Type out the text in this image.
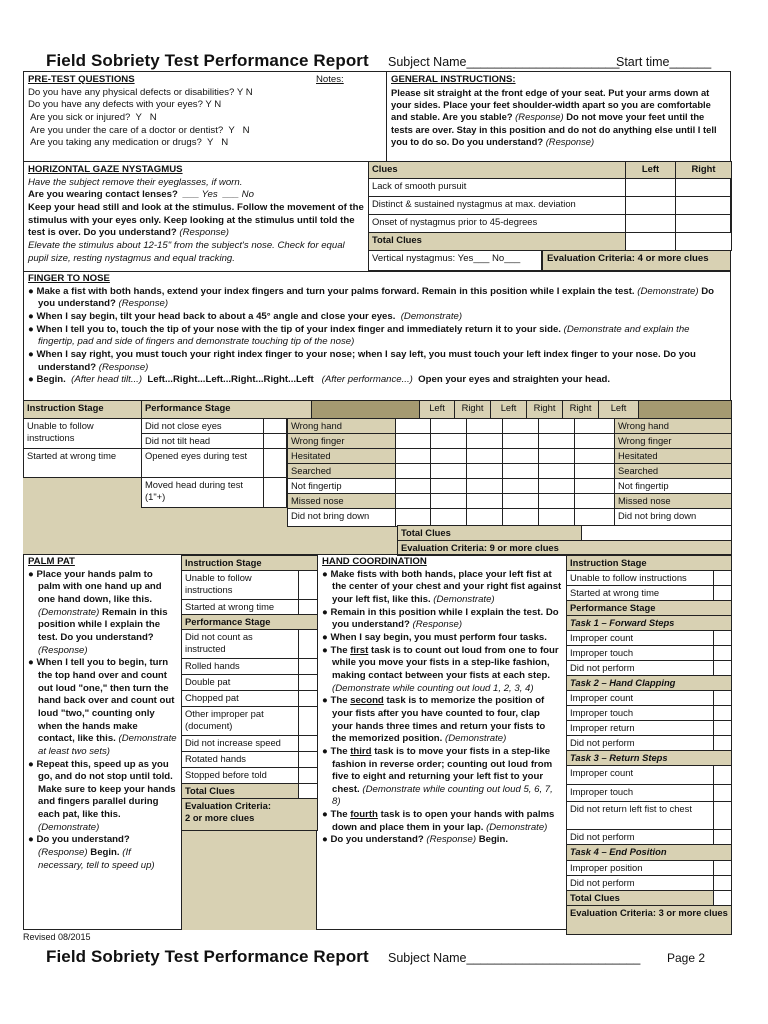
Field Sobriety Test Performance Report Subject Name______________________
Start time______
PRE-TEST QUESTIONS	Notes:
Do you have any physical defects or disabilities? Y N
Do you have any defects with your eyes? Y N
Are you sick or injured?  Y   N
Are you under the care of a doctor or dentist?  Y   N
Are you taking any medication or drugs?  Y   N
GENERAL INSTRUCTIONS:
Please sit straight at the front edge of your seat. Put your arms down at your sides. Place your feet shoulder-width apart so you are comfortable and stable. Are you stable? (Response) Do not move your feet until the tests are over. Stay in this position and do not do anything else until I tell you to do so. Do you understand? (Response)
HORIZONTAL GAZE NYSTAGMUS
Have the subject remove their eyeglasses, if worn.
Are you wearing contact lenses?  ___ Yes  ___ No
Keep your head still and look at the stimulus. Follow the movement of the stimulus with your eyes only. Keep looking at the stimulus until told the test is over. Do you understand? (Response)
Elevate the stimulus about 12-15" from the subject's nose. Check for equal pupil size, resting nystagmus and equal tracking.
Clues	Left	Right
Lack of smooth pursuit		
Distinct & sustained nystagmus at max. deviation		
Onset of nystagmus prior to 45-degrees		
Total Clues		
Vertical nystagmus: Yes___ No___	Evaluation Criteria: 4 or more clues
FINGER TO NOSE
● Make a fist with both hands, extend your index fingers and turn your palms forward. Remain in this position while I explain the test. (Demonstrate) Do you understand? (Response)
● When I say begin, tilt your head back to about a 45° angle and close your eyes.  (Demonstrate)
● When I tell you to, touch the tip of your nose with the tip of your index finger and immediately return it to your side. (Demonstrate and explain the fingertip, pad and side of fingers and demonstrate touching tip of the nose)
● When I say right, you must touch your right index finger to your nose; when I say left, you must touch your left index finger to your nose. Do you understand? (Response)
● Begin.  (After head tilt...)  Left...Right...Left...Right...Right...Left   (After performance...)  Open your eyes and straighten your head.
Instruction Stage	Performance Stage		Left	Right	Left	Right	Right	Left	
Unable to follow instructions	Did not close eyes	
	Did not tilt head	
Started at wrong time	Opened eyes during test	
Moved head during test (1"+)	
Wrong hand							Wrong hand
Wrong finger							Wrong finger
Hesitated							Hesitated
Searched							Searched
Not fingertip							Not fingertip
Missed nose							Missed nose
Did not bring down							Did not bring down
Total Clues	
Evaluation Criteria: 9 or more clues
PALM PAT
● Place your hands palm to palm with one hand up and one hand down, like this. (Demonstrate) Remain in this position while I explain the test. Do you understand? (Response)
● When I tell you to begin, turn the top hand over and count out loud "one," then turn the hand back over and count out loud "two," counting only when the hands make contact, like this. (Demonstrate at least two sets)
● Repeat this, speed up as you go, and do not stop until told. Make sure to keep your hands and fingers parallel during each pat, like this. (Demonstrate)
● Do you understand? (Response) Begin. (If necessary, tell to speed up)
Instruction Stage	
Unable to follow instructions	
Started at wrong time	
Performance Stage	
Did not count as instructed	
Rolled hands	
Double pat	
Chopped pat	
Other improper pat (document)	
Did not increase speed	
Rotated hands	
Stopped before told	
Total Clues	
Evaluation Criteria:
2 or more clues	
HAND COORDINATION
● Make fists with both hands, place your left fist at the center of your chest and your right fist against your left fist, like this. (Demonstrate)
● Remain in this position while I explain the test. Do you understand? (Response)
● When I say begin, you must perform four tasks.
● The first task is to count out loud from one to four while you move your fists in a step-like fashion, making contact between your fists at each step. (Demonstrate while counting out loud 1, 2, 3, 4)
● The second task is to memorize the position of your fists after you have counted to four, clap your hands three times and return your fists to the memorized position. (Demonstrate)
● The third task is to move your fists in a step-like fashion in reverse order; counting out loud from five to eight and returning your left fist to your chest. (Demonstrate while counting out loud 5, 6, 7, 8)
● The fourth task is to open your hands with palms down and place them in your lap. (Demonstrate)
● Do you understand? (Response) Begin.
Instruction Stage	
Unable to follow instructions	
Started at wrong time	
Performance Stage	
Task 1 – Forward Steps	
Improper count	
Improper touch	
Did not perform	
Task 2 – Hand Clapping	
Improper count	
Improper touch	
Improper return	
Did not perform	
Task 3 – Return Steps	
Improper count	
Improper touch	
Did not return left fist to chest	
Did not perform	
Task 4 – End Position	
Improper position	
Did not perform	
Total Clues	
Evaluation Criteria: 3 or more clues	
Revised 08/2015
Field Sobriety Test Performance Report Subject Name_________________________ Page 2
